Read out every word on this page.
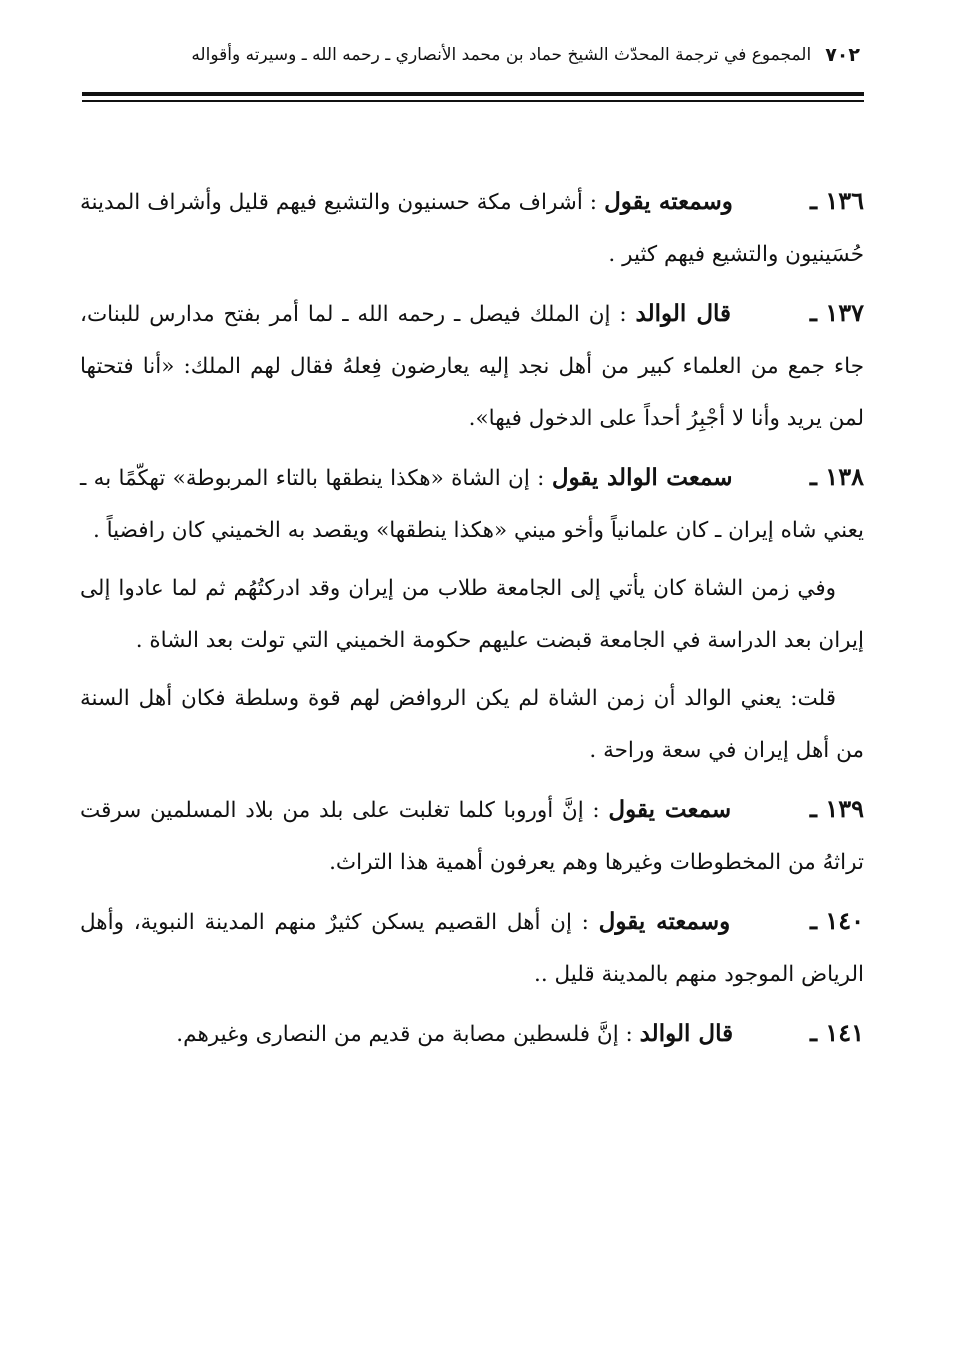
٧٠٢
المجموع في ترجمة المحدّث الشيخ حماد بن محمد الأنصاري ـ رحمه الله ـ وسيرته وأقواله

١٣٦ ـ وسمعته يقول : أشراف مكة حسنيون والتشيع فيهم قليل وأشراف المدينة حُسَينيون والتشيع فيهم كثير .

١٣٧ ـ قال الوالد : إن الملك فيصل ـ رحمه الله ـ لما أمر بفتح مدارس للبنات، جاء جمع من العلماء كبير من أهل نجد إليه يعارضون فِعلهُ فقال لهم الملك: «أنا فتحتها لمن يريد وأنا لا أجْبِرُ أحداً على الدخول فيها».

١٣٨ ـ سمعت الوالد يقول : إن الشاة «هكذا ينطقها بالتاء المربوطة» تهكّمًا به ـ يعني شاه إيران ـ كان علمانياً وأخو ميني «هكذا ينطقها» ويقصد به الخميني كان رافضياً .

وفي زمن الشاة كان يأتي إلى الجامعة طلاب من إيران وقد ادركتُهُم ثم لما عادوا إلى إيران بعد الدراسة في الجامعة قبضت عليهم حكومة الخميني التي تولت بعد الشاة .

قلت: يعني الوالد أن زمن الشاة لم يكن الروافض لهم قوة وسلطة فكان أهل السنة من أهل إيران في سعة وراحة .

١٣٩ ـ سمعت يقول : إنَّ أوروبا كلما تغلبت على بلد من بلاد المسلمين سرقت تراثهُ من المخطوطات وغيرها وهم يعرفون أهمية هذا التراث.

١٤٠ ـ وسمعته يقول : إن أهل القصيم يسكن كثيرٌ منهم المدينة النبوية، وأهل الرياض الموجود منهم بالمدينة قليل ..

١٤١ ـ قال الوالد : إنَّ فلسطين مصابة من قديم من النصارى وغيرهم.
